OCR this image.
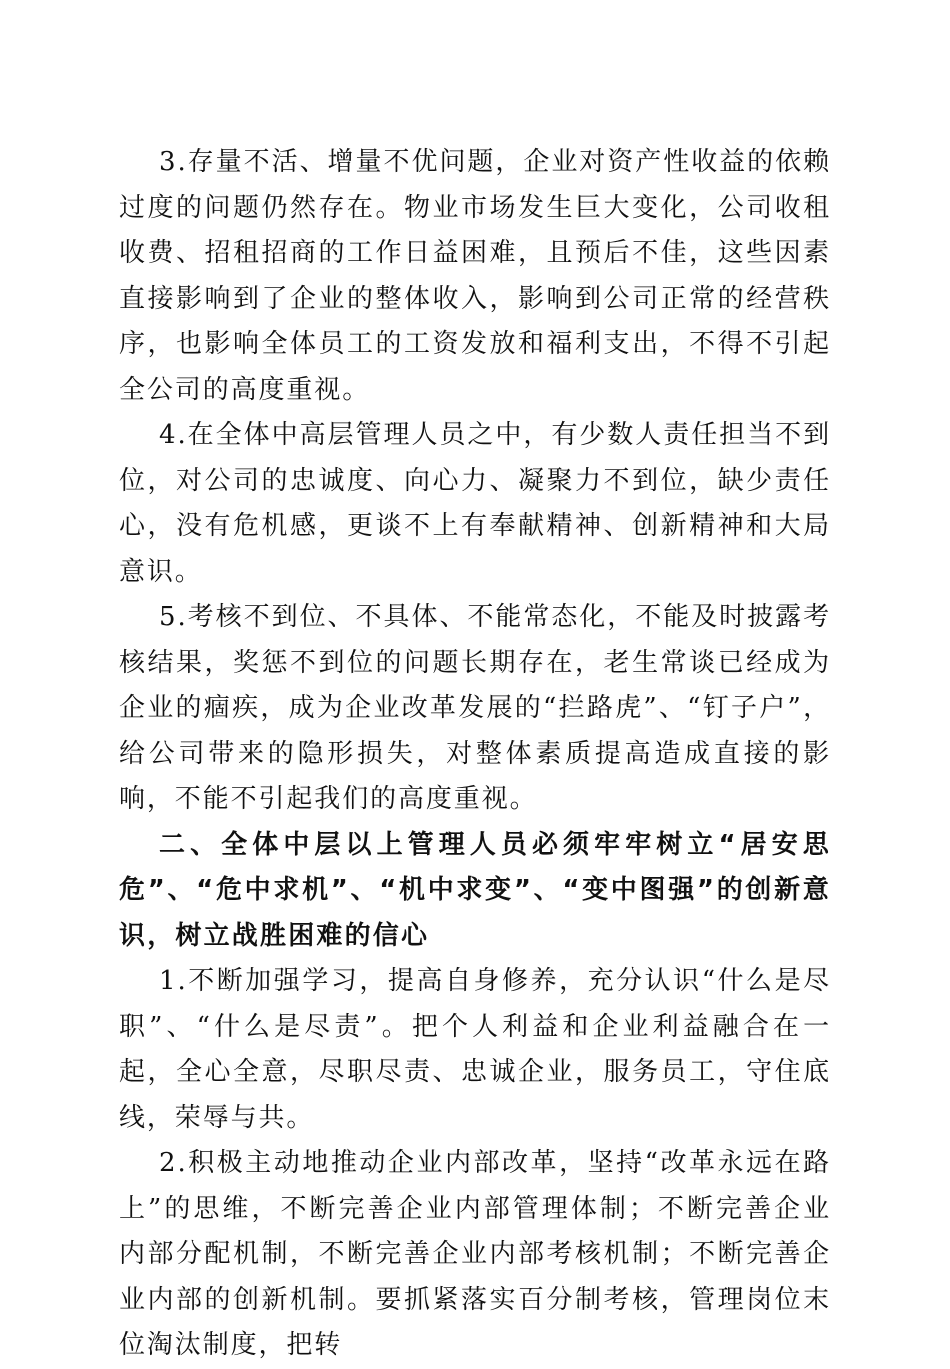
3.存量不活、增量不优问题，企业对资产性收益的依赖过度的问题仍然存在。物业市场发生巨大变化，公司收租收费、招租招商的工作日益困难，且预后不佳，这些因素直接影响到了企业的整体收入，影响到公司正常的经营秩序，也影响全体员工的工资发放和福利支出，不得不引起全公司的高度重视。

4.在全体中高层管理人员之中，有少数人责任担当不到位，对公司的忠诚度、向心力、凝聚力不到位，缺少责任心，没有危机感，更谈不上有奉献精神、创新精神和大局意识。

5.考核不到位、不具体、不能常态化，不能及时披露考核结果，奖惩不到位的问题长期存在，老生常谈已经成为企业的痼疾，成为企业改革发展的“拦路虎”、“钉子户”，给公司带来的隐形损失，对整体素质提高造成直接的影响，不能不引起我们的高度重视。

二、全体中层以上管理人员必须牢牢树立“居安思危”、“危中求机”、“机中求变”、“变中图强”的创新意识，树立战胜困难的信心

1.不断加强学习，提高自身修养，充分认识“什么是尽职”、“什么是尽责”。把个人利益和企业利益融合在一起，全心全意，尽职尽责、忠诚企业，服务员工，守住底线，荣辱与共。

2.积极主动地推动企业内部改革，坚持“改革永远在路上”的思维，不断完善企业内部管理体制；不断完善企业内部分配机制，不断完善企业内部考核机制；不断完善企业内部的创新机制。要抓紧落实百分制考核，管理岗位末位淘汰制度，把转
